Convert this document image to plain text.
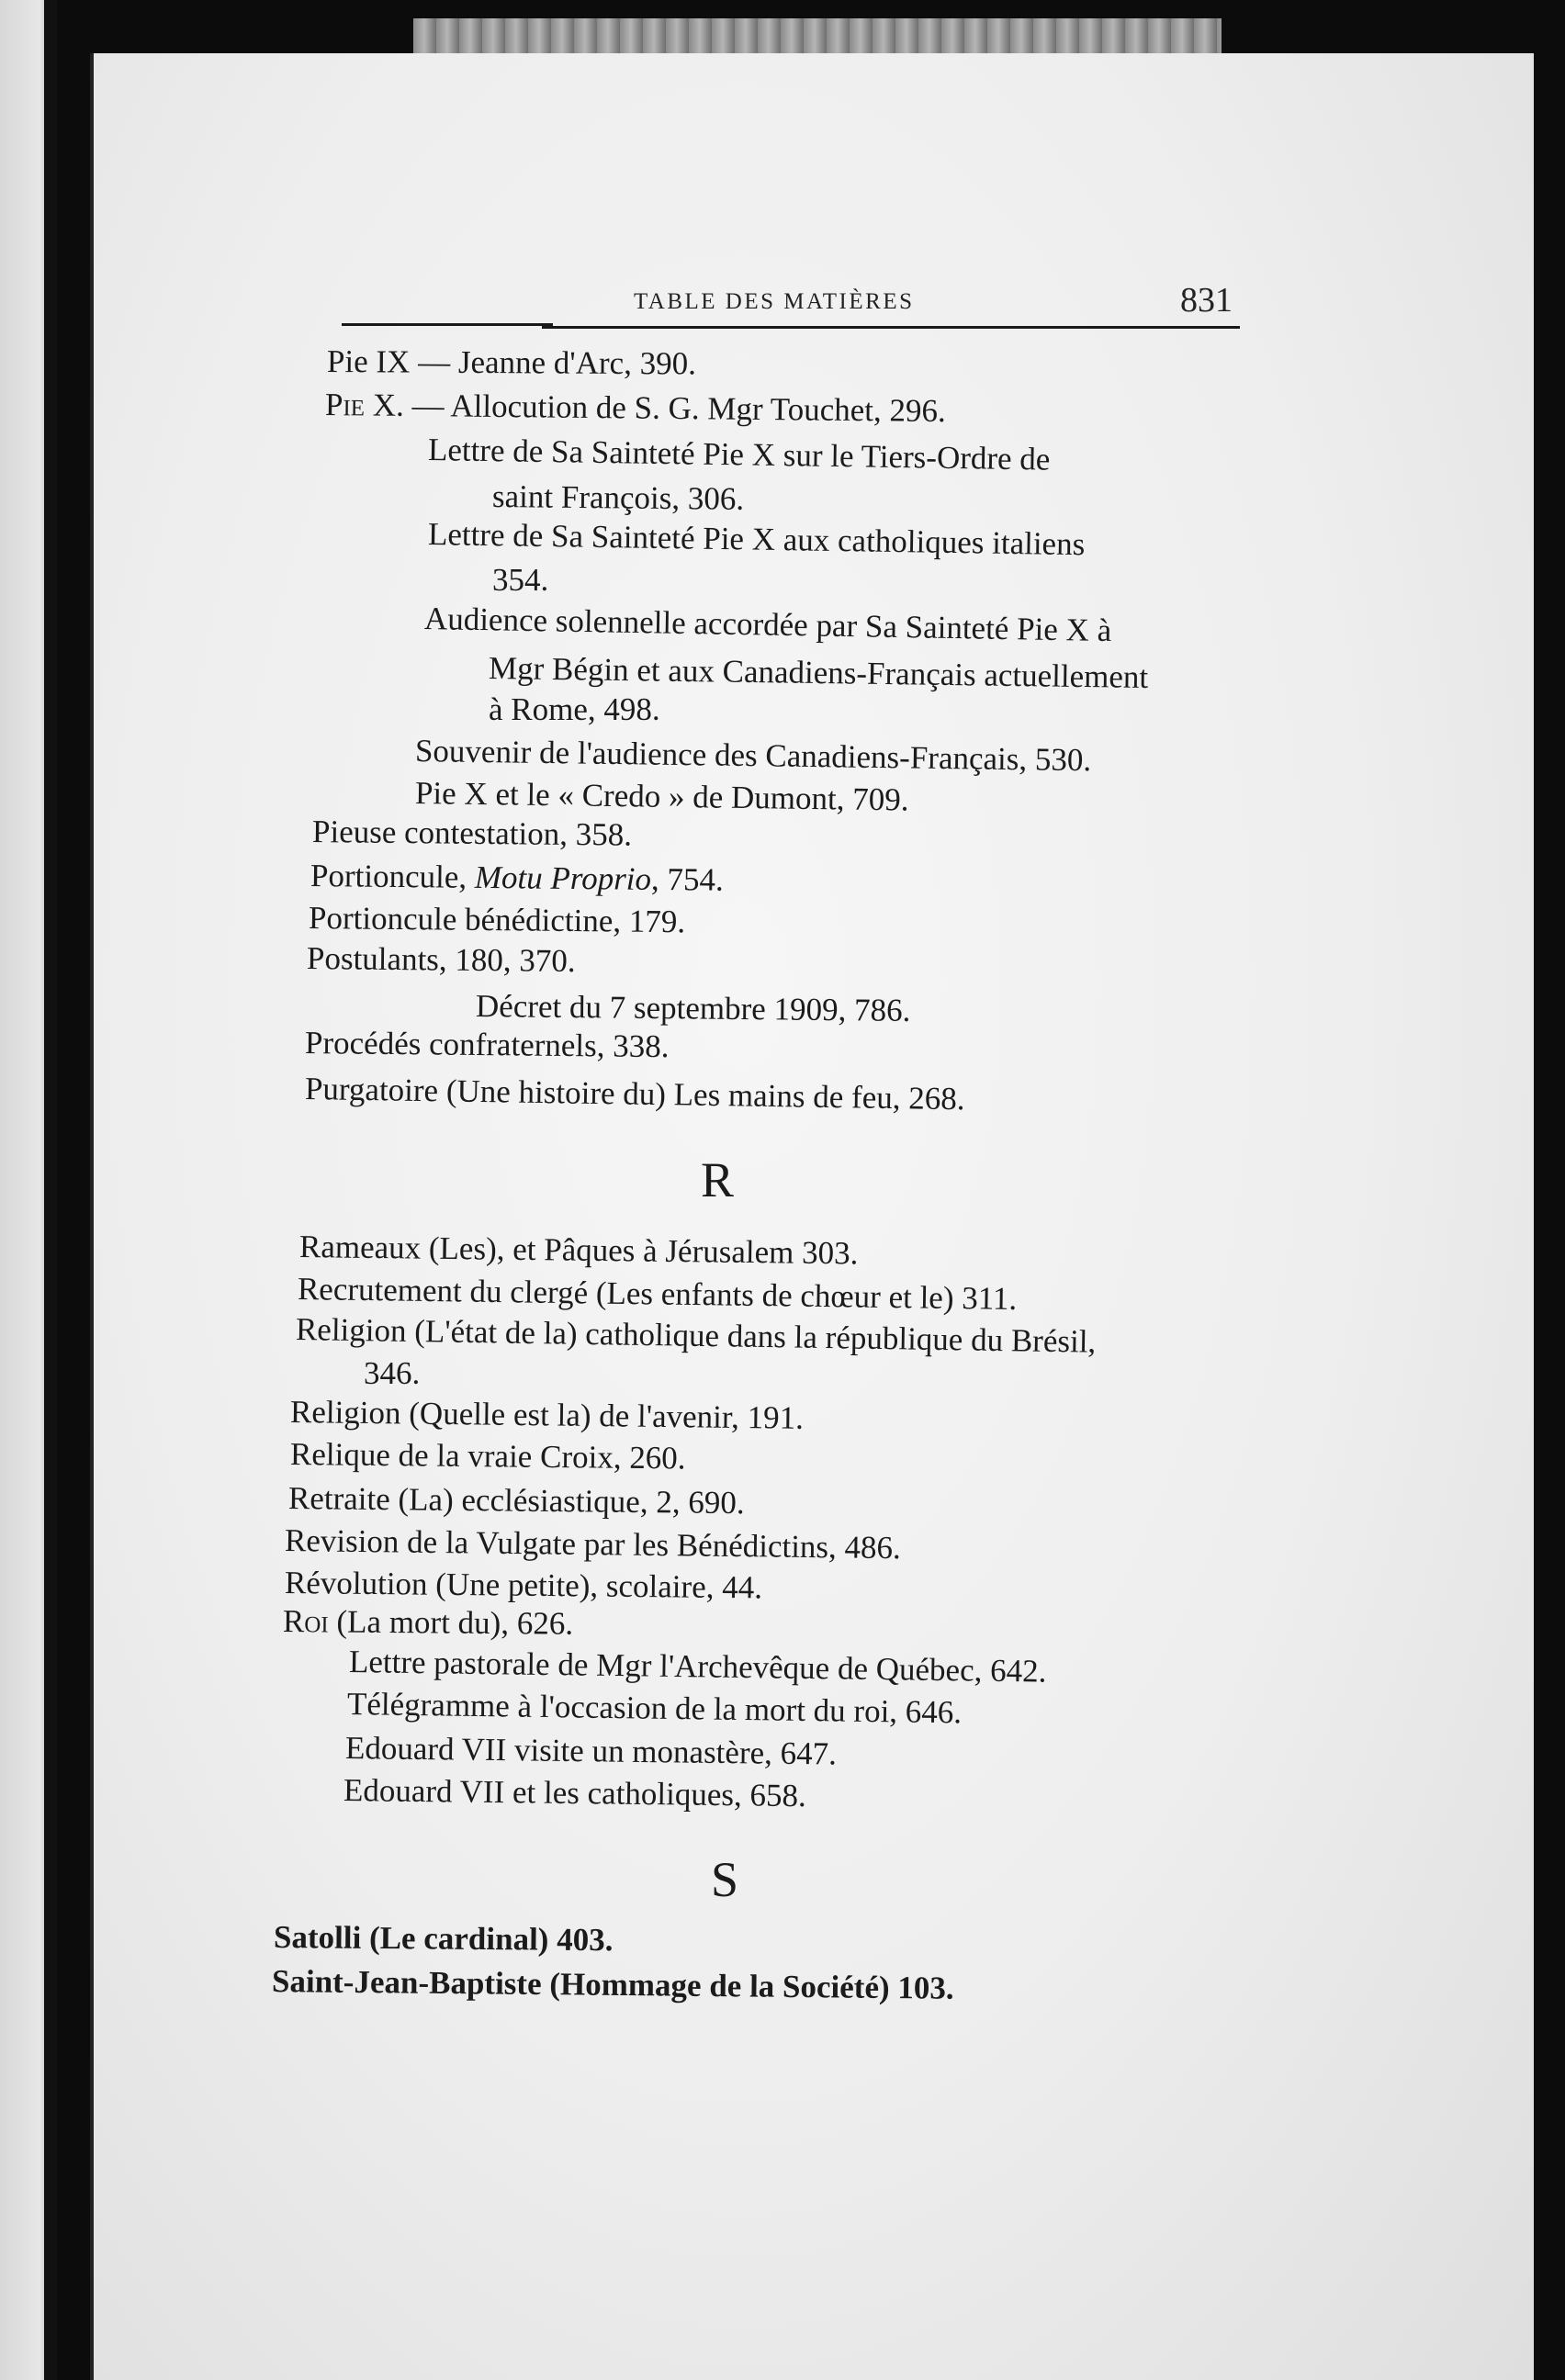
TABLE DES MATIÈRES	831
Pie IX — Jeanne d'Arc, 390.
Pie X. — Allocution de S. G. Mgr Touchet, 296.
Lettre de Sa Sainteté Pie X sur le Tiers-Ordre de
saint François, 306.
Lettre de Sa Sainteté Pie X aux catholiques italiens
354.
Audience solennelle accordée par Sa Sainteté Pie X à
Mgr Bégin et aux Canadiens-Français actuellement
à Rome, 498.
Souvenir de l'audience des Canadiens-Français, 530.
Pie X et le « Credo » de Dumont, 709.
Pieuse contestation, 358.
Portioncule, Motu Proprio, 754.
Portioncule bénédictine, 179.
Postulants, 180, 370.
Décret du 7 septembre 1909, 786.
Procédés confraternels, 338.
Purgatoire (Une histoire du) Les mains de feu, 268.
R
Rameaux (Les), et Pâques à Jérusalem 303.
Recrutement du clergé (Les enfants de chœur et le) 311.
Religion (L'état de la) catholique dans la république du Brésil,
346.
Religion (Quelle est la) de l'avenir, 191.
Relique de la vraie Croix, 260.
Retraite (La) ecclésiastique, 2, 690.
Revision de la Vulgate par les Bénédictins, 486.
Révolution (Une petite), scolaire, 44.
Roi (La mort du), 626.
Lettre pastorale de Mgr l'Archevêque de Québec, 642.
Télégramme à l'occasion de la mort du roi, 646.
Edouard VII visite un monastère, 647.
Edouard VII et les catholiques, 658.
S
Satolli (Le cardinal) 403.
Saint-Jean-Baptiste (Hommage de la Société) 103.
